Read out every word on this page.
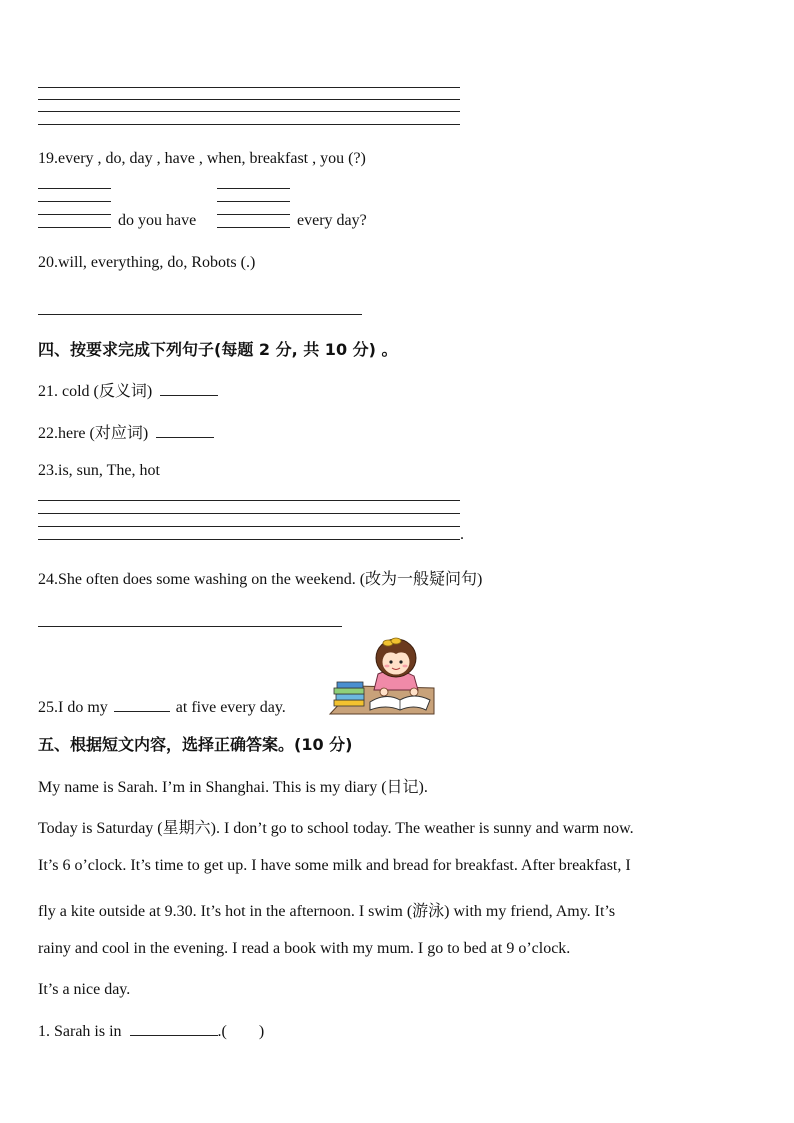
19.every , do, day , have , when, breakfast , you (?)
do you have	every day?
20.will, everything, do, Robots (.)
四、按要求完成下列句子(每题 2 分, 共 10 分) 。
21. cold (反义词)
22.here (对应词)
23.is, sun, The, hot
.
24.She often does some washing on the weekend. (改为一般疑问句)
25.I do my	at five every day.
五、根据短文内容，选择正确答案。(10 分)
My name is Sarah. I’m in Shanghai. This is my diary (日记).
Today is Saturday (星期六). I don’t go to school today. The weather is sunny and warm now.
It’s 6 o’clock. It’s time to get up. I have some milk and bread for breakfast. After breakfast, I
fly a kite outside at 9.30. It’s hot in the afternoon. I swim (游泳) with my friend, Amy. It’s
rainy and cool in the evening. I read a book with my mum. I go to bed at 9 o’clock.
It’s a nice day.
1. Sarah is in	.(        )
